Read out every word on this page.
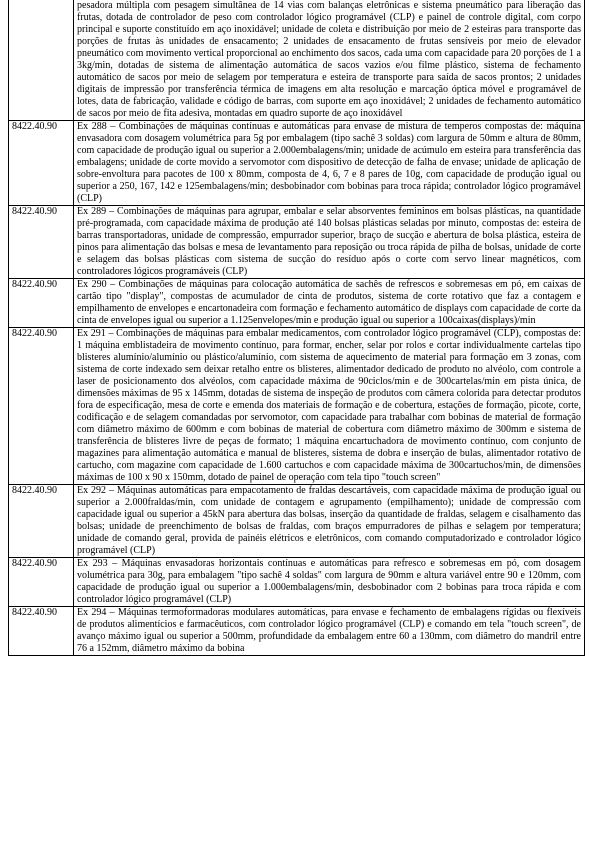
	pesadora múltipla com pesagem simultânea de 14 vias com balanças eletrônicas e sistema pneumático para liberação das frutas, dotada de controlador de peso com controlador lógico programável (CLP) e painel de controle digital, com corpo principal e suporte constituído em aço inoxidável; unidade de coleta e distribuição por meio de 2 esteiras para transporte das porções de frutas às unidades de ensacamento; 2 unidades de ensacamento de frutas sensíveis por meio de elevador pneumático com movimento vertical proporcional ao enchimento dos sacos, cada uma com capacidade para 20 porções de 1 a 3kg/min, dotadas de sistema de alimentação automática de sacos vazios e/ou filme plástico, sistema de fechamento automático de sacos por meio de selagem por temperatura e esteira de transporte para saída de sacos prontos; 2 unidades digitais de impressão por transferência térmica de imagens em alta resolução e marcação óptica móvel e programável de lotes, data de fabricação, validade e código de barras, com suporte em aço inoxidável; 2 unidades de fechamento automático de sacos por meio de fita adesiva, montadas em quadro suporte de aço inoxidável
8422.40.90	Ex 288 – Combinações de máquinas contínuas e automáticas para envase de mistura de temperos compostas de: máquina envasadora com dosagem volumétrica para 5g por embalagem (tipo sachê 3 soldas) com largura de 50mm e altura de 80mm, com capacidade de produção igual ou superior a 2.000embalagens/min; unidade de acúmulo em esteira para transferência das embalagens; unidade de corte movido a servomotor com dispositivo de detecção de falha de envase; unidade de aplicação de sobre-envoltura para pacotes de 100 x 80mm, composta de 4, 6, 7 e 8 pares de 10g, com capacidade de produção igual ou superior a 250, 167, 142 e 125embalagens/min; desbobinador com bobinas para troca rápida; controlador lógico programável (CLP)
8422.40.90	Ex 289 – Combinações de máquinas para agrupar, embalar e selar absorventes femininos em bolsas plásticas, na quantidade pré-programada, com capacidade máxima de produção até 140 bolsas plásticas seladas por minuto, compostas de: esteira de barras transportadoras, unidade de compressão, empurrador superior, braço de sucção e abertura de bolsa plástica, esteira de pinos para alimentação das bolsas e mesa de levantamento para reposição ou troca rápida de pilha de bolsas, unidade de corte e selagem das bolsas plásticas com sistema de sucção do resíduo após o corte com servo linear magnéticos, com controladores lógicos programáveis (CLP)
8422.40.90	Ex 290 – Combinações de máquinas para colocação automática de sachês de refrescos e sobremesas em pó, em caixas de cartão tipo "display", compostas de acumulador de cinta de produtos, sistema de corte rotativo que faz a contagem e empilhamento de envelopes e encartonadeira com formação e fechamento automático de displays com capacidade de corte da cinta de envelopes igual ou superior a 1.125envelopes/min e produção igual ou superior a 100caixas(displays)/min
8422.40.90	Ex 291 – Combinações de máquinas para embalar medicamentos, com controlador lógico programável (CLP), compostas de: 1 máquina emblistadeira de movimento contínuo, para formar, encher, selar por rolos e cortar individualmente cartelas tipo blisteres alumínio/alumínio ou plástico/alumínio, com sistema de aquecimento de material para formação em 3 zonas, com sistema de corte indexado sem deixar retalho entre os blisteres, alimentador dedicado de produto no alvéolo, com controle a laser de posicionamento dos alvéolos, com capacidade máxima de 90ciclos/min e de 300cartelas/min em pista única, de dimensões máximas de 95 x 145mm, dotadas de sistema de inspeção de produtos com câmera colorida para detectar produtos fora de especificação, mesa de corte e emenda dos materiais de formação e de cobertura, estações de formação, picote, corte, codificação e de selagem comandadas por servomotor, com capacidade para trabalhar com bobinas de material de formação com diâmetro máximo de 600mm e com bobinas de material de cobertura com diâmetro máximo de 300mm e sistema de transferência de blisteres livre de peças de formato; 1 máquina encartuchadora de movimento contínuo, com conjunto de magazines para alimentação automática e manual de blisteres, sistema de dobra e inserção de bulas, alimentador rotativo de cartucho, com magazine com capacidade de 1.600 cartuchos e com capacidade máxima de 300cartuchos/min, de dimensões máximas de 100 x 90 x 150mm, dotado de painel de operação com tela tipo "touch screen"
8422.40.90	Ex 292 – Máquinas automáticas para empacotamento de fraldas descartáveis, com capacidade máxima de produção igual ou superior a 2.000fraldas/min, com unidade de contagem e agrupamento (empilhamento); unidade de compressão com capacidade igual ou superior a 45kN para abertura das bolsas, inserção da quantidade de fraldas, selagem e cisalhamento das bolsas; unidade de preenchimento de bolsas de fraldas, com braços empurradores de pilhas e selagem por temperatura; unidade de comando geral, provida de painéis elétricos e eletrônicos, com comando computadorizado e controlador lógico programável (CLP)
8422.40.90	Ex 293 – Máquinas envasadoras horizontais contínuas e automáticas para refresco e sobremesas em pó, com dosagem volumétrica para 30g, para embalagem "tipo sachê 4 soldas" com largura de 90mm e altura variável entre 90 e 120mm, com capacidade de produção igual ou superior a 1.000embalagens/min, desbobinador com 2 bobinas para troca rápida e com controlador lógico programável (CLP)
8422.40.90	Ex 294 – Máquinas termoformadoras modulares automáticas, para envase e fechamento de embalagens rígidas ou flexíveis de produtos alimentícios e farmacêuticos, com controlador lógico programável (CLP) e comando em tela "touch screen", de avanço máximo igual ou superior a 500mm, profundidade da embalagem entre 60 a 130mm, com diâmetro do mandril entre 76 a 152mm, diâmetro máximo da bobina
